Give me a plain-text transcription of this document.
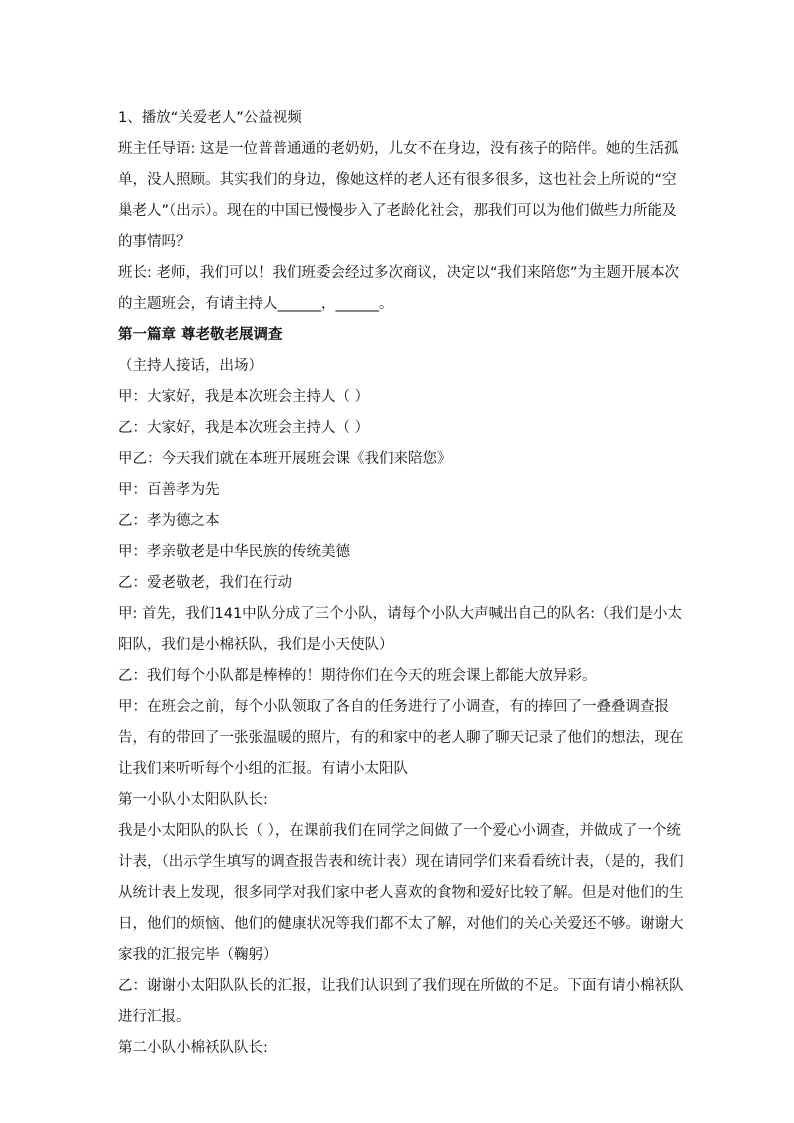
1、播放“关爱老人”公益视频

班主任导语: 这是一位普普通通的老奶奶，儿女不在身边，没有孩子的陪伴。她的生活孤单，没人照顾。其实我们的身边，像她这样的老人还有很多很多，这也社会上所说的“空巢老人”（出示）。现在的中国已慢慢步入了老龄化社会，那我们可以为他们做些力所能及的事情吗？

班长: 老师，我们可以！我们班委会经过多次商议，决定以“我们来陪您”为主题开展本次的主题班会，有请主持人______，______。

第一篇章 尊老敬老展调查

（主持人接话，出场）

甲：大家好，我是本次班会主持人（ ）

乙：大家好，我是本次班会主持人（ ）

甲乙：今天我们就在本班开展班会课《我们来陪您》

甲：百善孝为先

乙：孝为德之本

甲：孝亲敬老是中华民族的传统美德

乙：爱老敬老，我们在行动

甲: 首先，我们141中队分成了三个小队，请每个小队大声喊出自己的队名:（我们是小太阳队，我们是小棉袄队，我们是小天使队）

乙：我们每个小队都是棒棒的！期待你们在今天的班会课上都能大放异彩。

甲：在班会之前，每个小队领取了各自的任务进行了小调查，有的捧回了一叠叠调查报告，有的带回了一张张温暖的照片，有的和家中的老人聊了聊天记录了他们的想法，现在让我们来听听每个小组的汇报。有请小太阳队

第一小队小太阳队队长:

我是小太阳队的队长（ ），在课前我们在同学之间做了一个爱心小调查，并做成了一个统计表，（出示学生填写的调查报告表和统计表）现在请同学们来看看统计表，（是的，我们从统计表上发现，很多同学对我们家中老人喜欢的食物和爱好比较了解。但是对他们的生日，他们的烦恼、他们的健康状况等我们都不太了解，对他们的关心关爱还不够。谢谢大家我的汇报完毕（鞠躬）

乙：谢谢小太阳队队长的汇报，让我们认识到了我们现在所做的不足。下面有请小棉袄队进行汇报。

第二小队小棉袄队队长:
